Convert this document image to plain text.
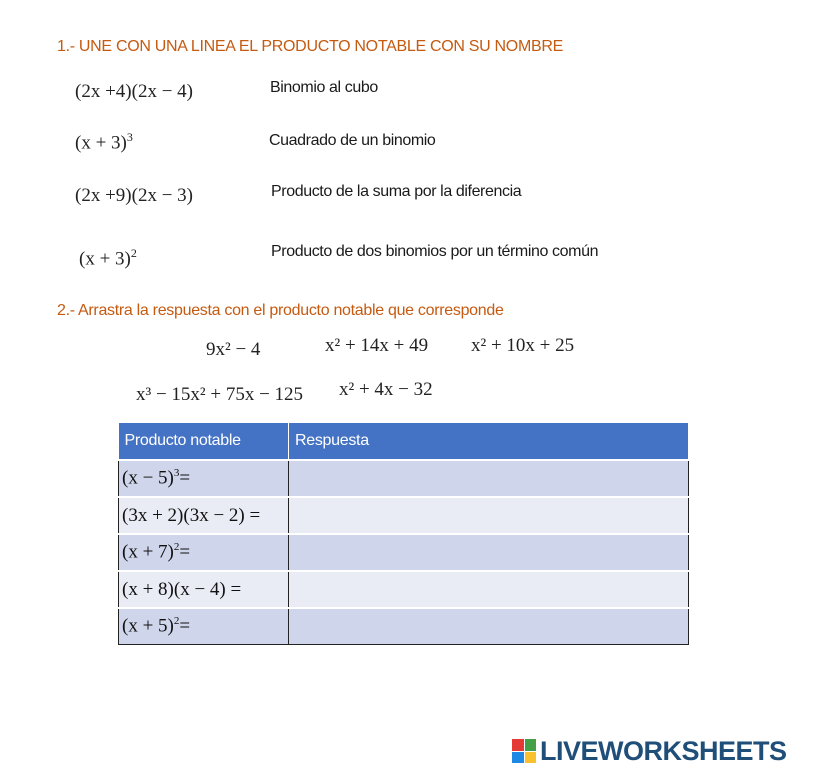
1.- UNE CON UNA LINEA EL PRODUCTO NOTABLE CON SU NOMBRE
(2x +4)(2x − 4)
$(x + 3)^3$
(2x +9)(2x − 3)
$(x + 3)^2$
Binomio al cubo
Cuadrado de un binomio
Producto de la suma por la diferencia
Producto de dos binomios por un término común
2.- Arrastra la respuesta con el producto notable que corresponde
9x² − 4	x² + 14x + 49 x² + 10x + 25
x³ − 15x² + 75x − 125 x² + 4x − 32
Producto notable	Respuesta
$(x - 5)^3=$	
(3x + 2)(3x − 2) =	
$(x + 7)^2=$	
(x + 8)(x − 4) =	
$(x + 5)^2=$	
LIVEWORKSHEETS
